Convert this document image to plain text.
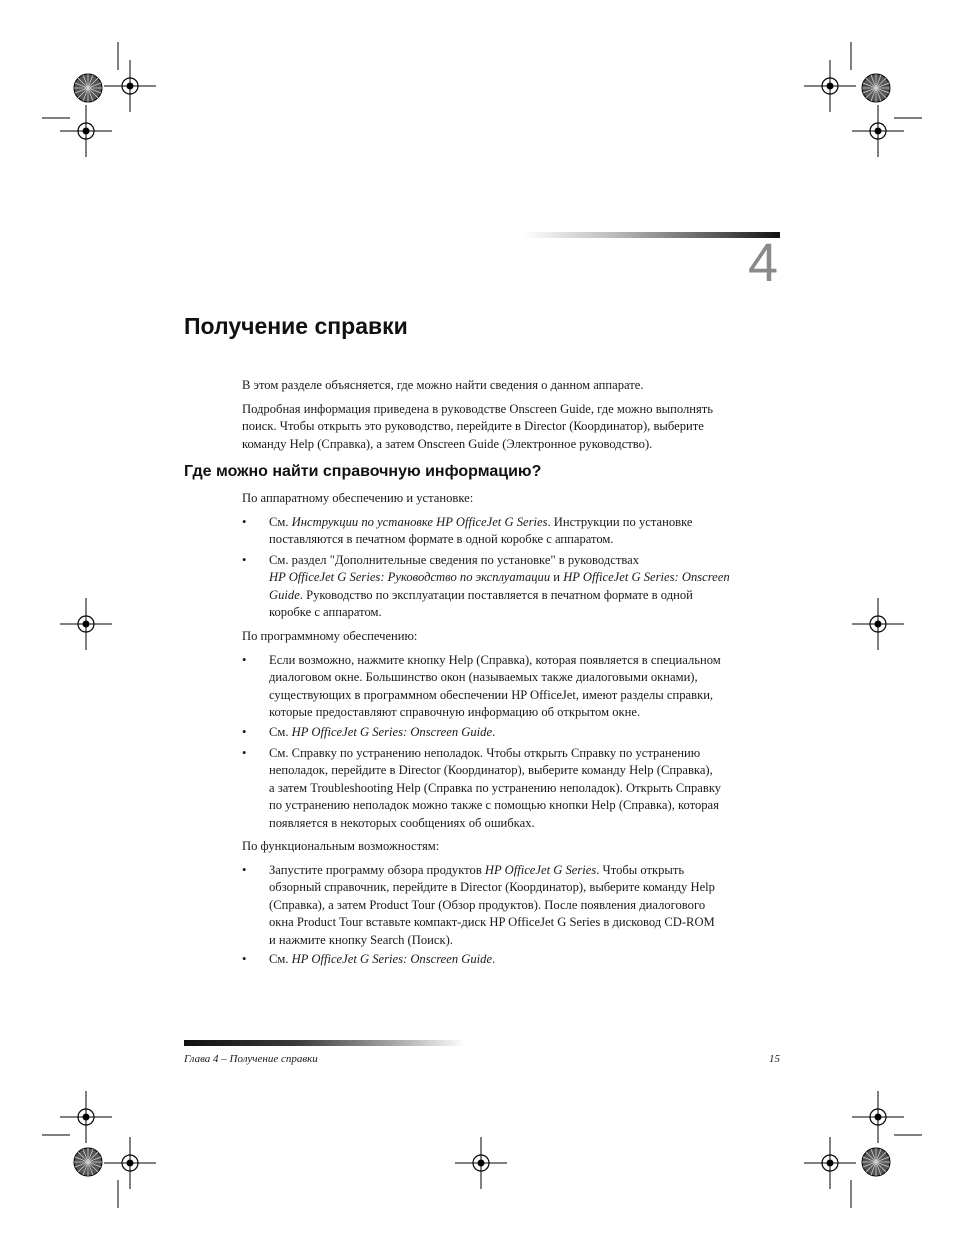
4
Получение справки

В этом разделе объясняется, где можно найти сведения о данном аппарате.

Подробная информация приведена в руководстве Onscreen Guide, где можно выполнять
поиск. Чтобы открыть это руководство, перейдите в Director (Координатор), выберите
команду Help (Справка), а затем Onscreen Guide (Электронное руководство).

Где можно найти справочную информацию?

По аппаратному обеспечению и установке:

• См. Инструкции по установке HP OfficeJet G Series. Инструкции по установке
поставляются в печатном формате в одной коробке с аппаратом.
• См. раздел "Дополнительные сведения по установке" в руководствах
HP OfficeJet G Series: Руководство по эксплуатации и HP OfficeJet G Series: Onscreen
Guide. Руководство по эксплуатации поставляется в печатном формате в одной
коробке с аппаратом.

По программному обеспечению:

• Если возможно, нажмите кнопку Help (Справка), которая появляется в специальном
диалоговом окне. Большинство окон (называемых также диалоговыми окнами),
существующих в программном обеспечении HP OfficeJet, имеют разделы справки,
которые предоставляют справочную информацию об открытом окне.
• См. HP OfficeJet G Series: Onscreen Guide.
• См. Справку по устранению неполадок. Чтобы открыть Справку по устранению
неполадок, перейдите в Director (Координатор), выберите команду Help (Справка),
а затем Troubleshooting Help (Справка по устранению неполадок). Открыть Справку
по устранению неполадок можно также с помощью кнопки Help (Справка), которая
появляется в некоторых сообщениях об ошибках.

По функциональным возможностям:

• Запустите программу обзора продуктов HP OfficeJet G Series. Чтобы открыть
обзорный справочник, перейдите в Director (Координатор), выберите команду Help
(Справка), а затем Product Tour (Обзор продуктов). После появления диалогового
окна Product Tour вставьте компакт-диск HP OfficeJet G Series в дисковод CD-ROM
и нажмите кнопку Search (Поиск).
• См. HP OfficeJet G Series: Onscreen Guide.
Глава 4 – Получение справки	15
